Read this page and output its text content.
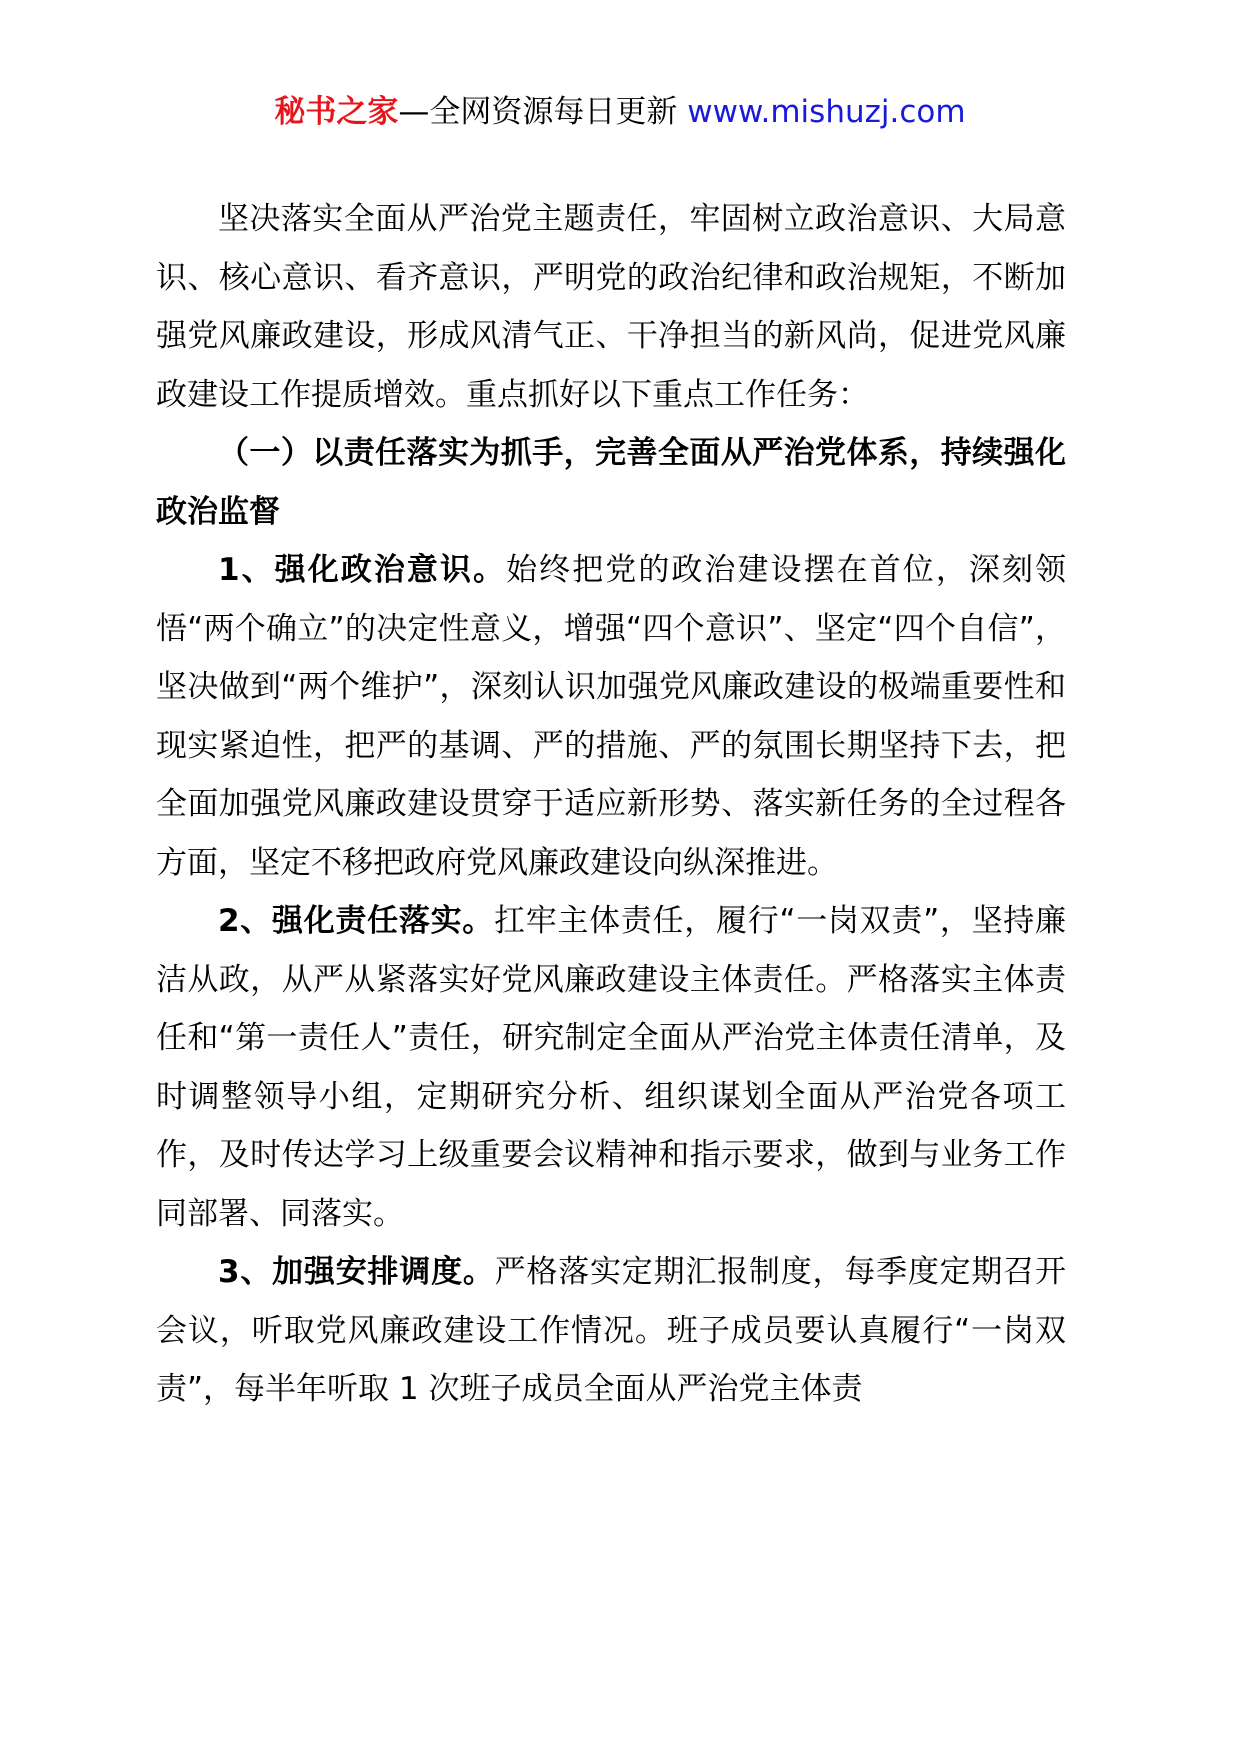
秘书之家—全网资源每日更新 www.mishuzj.com

坚决落实全面从严治党主题责任，牢固树立政治意识、大局意识、核心意识、看齐意识，严明党的政治纪律和政治规矩，不断加强党风廉政建设，形成风清气正、干净担当的新风尚，促进党风廉政建设工作提质增效。重点抓好以下重点工作任务：

（一）以责任落实为抓手，完善全面从严治党体系，持续强化政治监督

1、强化政治意识。始终把党的政治建设摆在首位，深刻领悟“两个确立”的决定性意义，增强“四个意识”、坚定“四个自信”，坚决做到“两个维护”，深刻认识加强党风廉政建设的极端重要性和现实紧迫性，把严的基调、严的措施、严的氛围长期坚持下去，把全面加强党风廉政建设贯穿于适应新形势、落实新任务的全过程各方面，坚定不移把政府党风廉政建设向纵深推进。

2、强化责任落实。扛牢主体责任，履行“一岗双责”，坚持廉洁从政，从严从紧落实好党风廉政建设主体责任。严格落实主体责任和“第一责任人”责任，研究制定全面从严治党主体责任清单，及时调整领导小组，定期研究分析、组织谋划全面从严治党各项工作，及时传达学习上级重要会议精神和指示要求，做到与业务工作同部署、同落实。

3、加强安排调度。严格落实定期汇报制度，每季度定期召开会议，听取党风廉政建设工作情况。班子成员要认真履行“一岗双责”，每半年听取 1 次班子成员全面从严治党主体责
